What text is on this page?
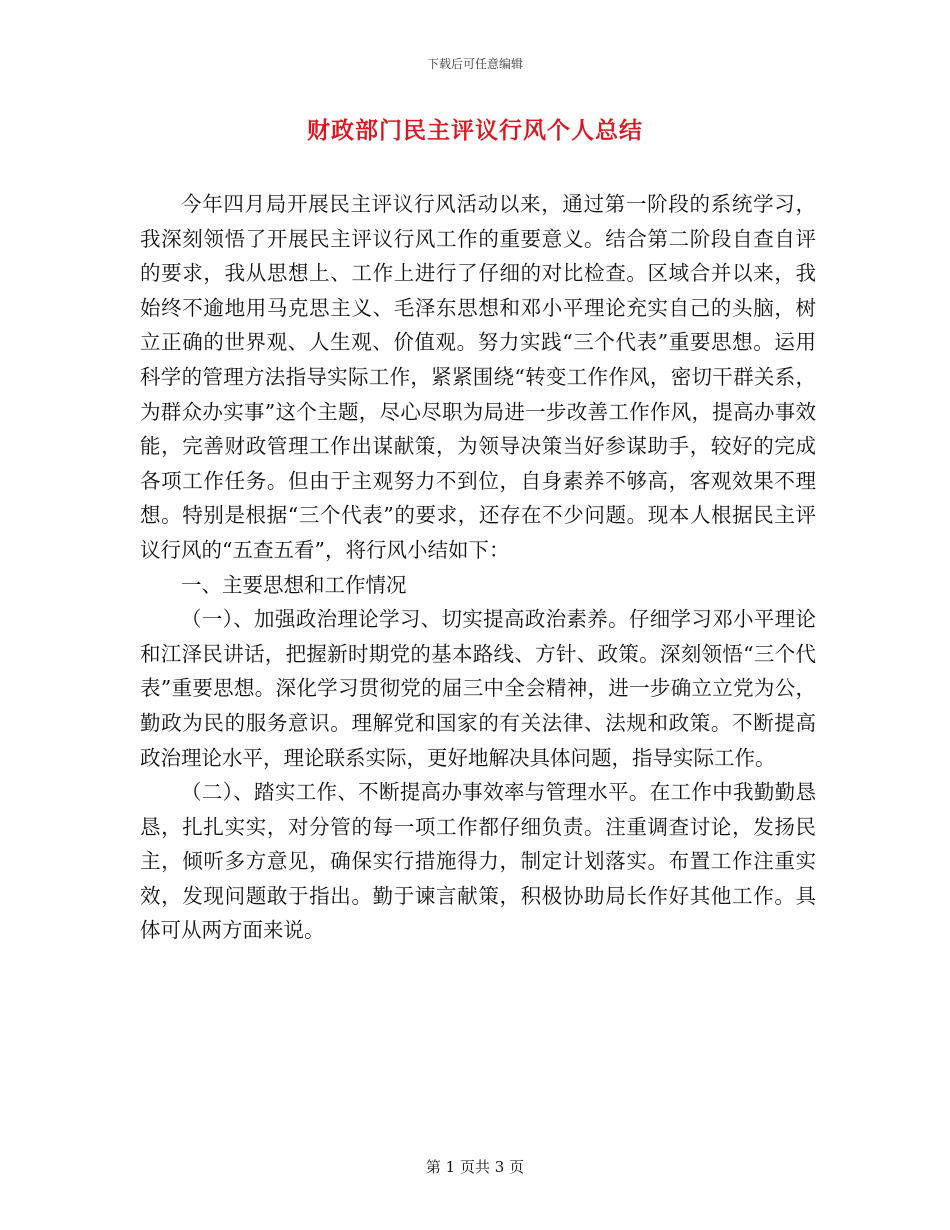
下载后可任意编辑
财政部门民主评议行风个人总结

今年四月局开展民主评议行风活动以来，通过第一阶段的系统学习，我深刻领悟了开展民主评议行风工作的重要意义。结合第二阶段自查自评的要求，我从思想上、工作上进行了仔细的对比检查。区域合并以来，我始终不逾地用马克思主义、毛泽东思想和邓小平理论充实自己的头脑，树立正确的世界观、人生观、价值观。努力实践“三个代表”重要思想。运用科学的管理方法指导实际工作，紧紧围绕“转变工作作风，密切干群关系，为群众办实事”这个主题，尽心尽职为局进一步改善工作作风，提高办事效能，完善财政管理工作出谋献策，为领导决策当好参谋助手，较好的完成各项工作任务。但由于主观努力不到位，自身素养不够高，客观效果不理想。特别是根据“三个代表”的要求，还存在不少问题。现本人根据民主评议行风的“五查五看”，将行风小结如下：

一、主要思想和工作情况

（一）、加强政治理论学习、切实提高政治素养。仔细学习邓小平理论和江泽民讲话，把握新时期党的基本路线、方针、政策。深刻领悟“三个代表”重要思想。深化学习贯彻党的届三中全会精神，进一步确立立党为公，勤政为民的服务意识。理解党和国家的有关法律、法规和政策。不断提高政治理论水平，理论联系实际，更好地解决具体问题，指导实际工作。

（二）、踏实工作、不断提高办事效率与管理水平。在工作中我勤勤恳恳，扎扎实实，对分管的每一项工作都仔细负责。注重调查讨论，发扬民主，倾听多方意见，确保实行措施得力，制定计划落实。布置工作注重实效，发现问题敢于指出。勤于谏言献策，积极协助局长作好其他工作。具体可从两方面来说。

第 1 页共 3 页
